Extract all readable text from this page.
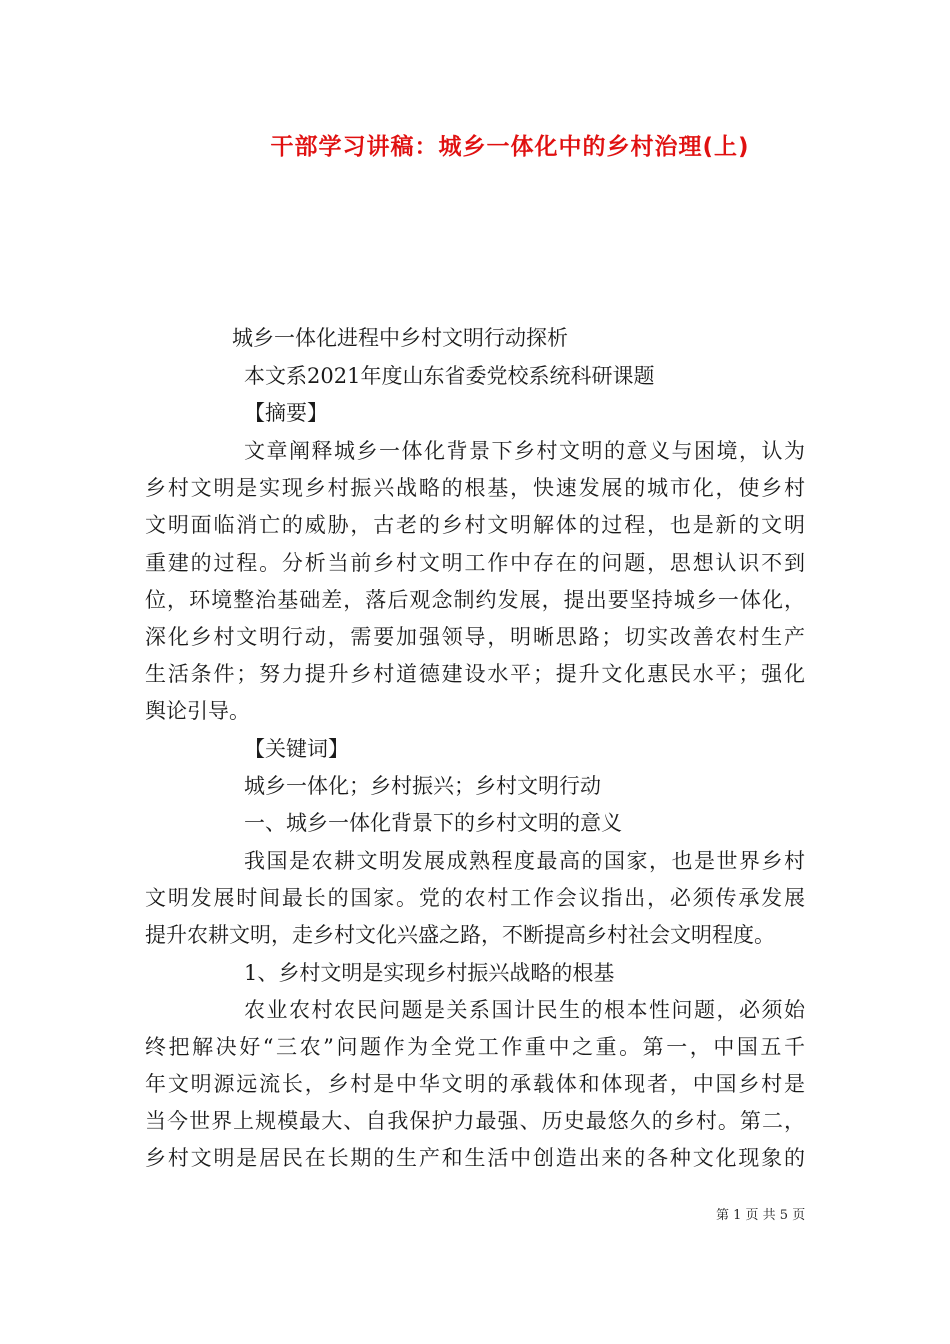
干部学习讲稿：城乡一体化中的乡村治理(上)
城乡一体化进程中乡村文明行动探析
本文系2021年度山东省委党校系统科研课题
【摘要】
文章阐释城乡一体化背景下乡村文明的意义与困境，认为
乡村文明是实现乡村振兴战略的根基，快速发展的城市化，使乡村
文明面临消亡的威胁，古老的乡村文明解体的过程，也是新的文明
重建的过程。分析当前乡村文明工作中存在的问题，思想认识不到
位，环境整治基础差，落后观念制约发展，提出要坚持城乡一体化，
深化乡村文明行动，需要加强领导，明晰思路；切实改善农村生产
生活条件；努力提升乡村道德建设水平；提升文化惠民水平；强化
舆论引导。
【关键词】
城乡一体化；乡村振兴；乡村文明行动
一、城乡一体化背景下的乡村文明的意义
我国是农耕文明发展成熟程度最高的国家，也是世界乡村
文明发展时间最长的国家。党的农村工作会议指出，必须传承发展
提升农耕文明，走乡村文化兴盛之路，不断提高乡村社会文明程度。
1、乡村文明是实现乡村振兴战略的根基
农业农村农民问题是关系国计民生的根本性问题，必须始
终把解决好“三农”问题作为全党工作重中之重。第一，中国五千
年文明源远流长，乡村是中华文明的承载体和体现者，中国乡村是
当今世界上规模最大、自我保护力最强、历史最悠久的乡村。第二，
乡村文明是居民在长期的生产和生活中创造出来的各种文化现象的
第 1 页 共 5 页
